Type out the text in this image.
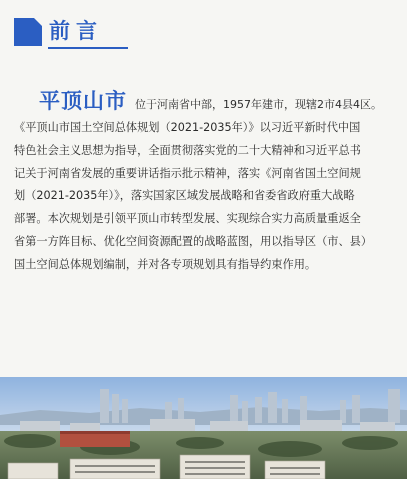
前言
平顶山市 位于河南省中部，1957年建市，现辖2市4县4区。
《平顶山市国土空间总体规划（2021-2035年）》以习近平新时代中国
特色社会主义思想为指导，全面贯彻落实党的二十大精神和习近平总书
记关于河南省发展的重要讲话指示批示精神，落实《河南省国土空间规
划（2021-2035年）》，落实国家区域发展战略和省委省政府重大战略
部署。本次规划是引领平顶山市转型发展、实现综合实力高质量重返全
省第一方阵目标、优化空间资源配置的战略蓝图，用以指导区（市、县）
国土空间总体规划编制，并对各专项规划具有指导约束作用。
